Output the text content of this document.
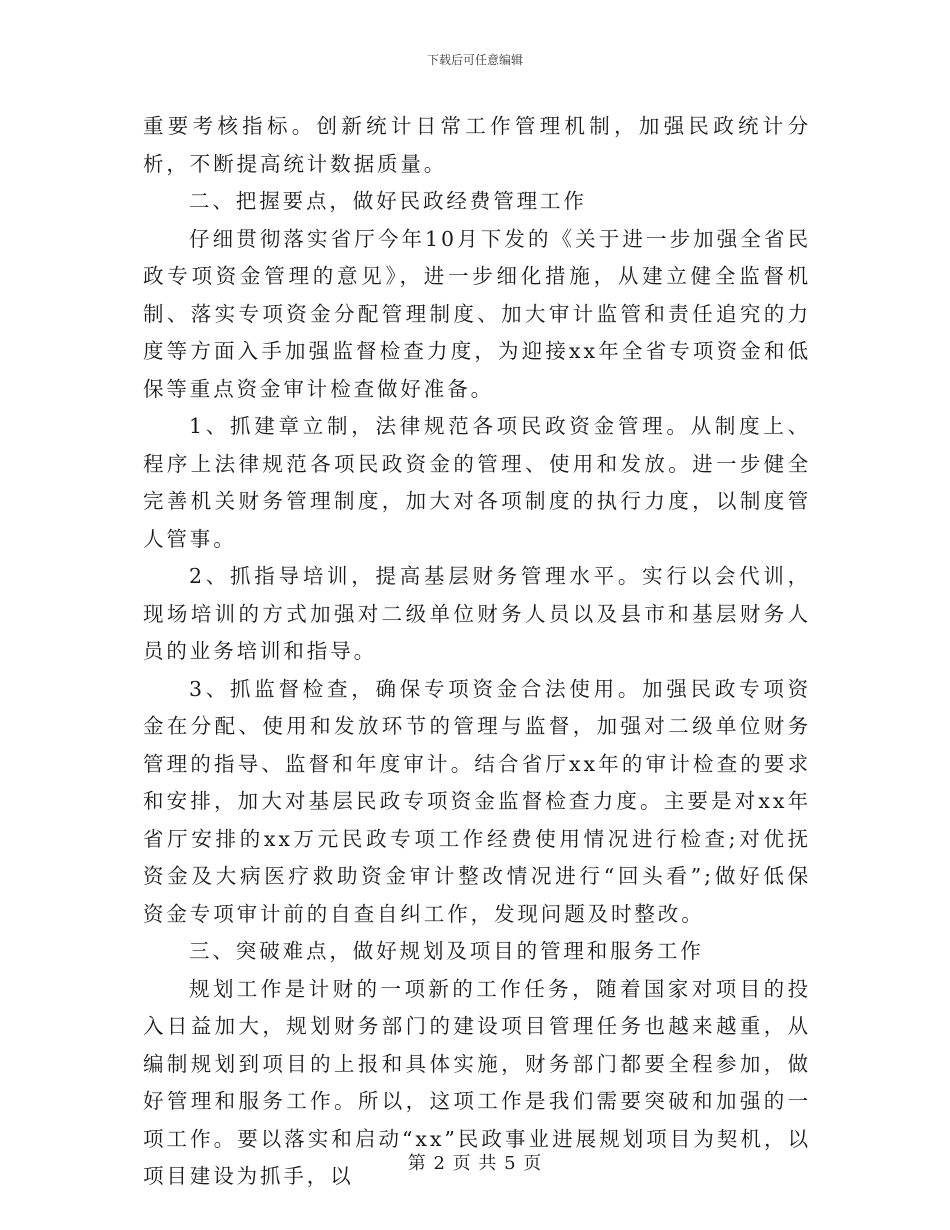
下载后可任意编辑

重要考核指标。创新统计日常工作管理机制，加强民政统计分析，不断提高统计数据质量。

二、把握要点，做好民政经费管理工作

仔细贯彻落实省厅今年10月下发的《关于进一步加强全省民政专项资金管理的意见》，进一步细化措施，从建立健全监督机制、落实专项资金分配管理制度、加大审计监管和责任追究的力度等方面入手加强监督检查力度，为迎接xx年全省专项资金和低保等重点资金审计检查做好准备。

1、抓建章立制，法律规范各项民政资金管理。从制度上、程序上法律规范各项民政资金的管理、使用和发放。进一步健全完善机关财务管理制度，加大对各项制度的执行力度，以制度管人管事。

2、抓指导培训，提高基层财务管理水平。实行以会代训，现场培训的方式加强对二级单位财务人员以及县市和基层财务人员的业务培训和指导。

3、抓监督检查，确保专项资金合法使用。加强民政专项资金在分配、使用和发放环节的管理与监督，加强对二级单位财务管理的指导、监督和年度审计。结合省厅xx年的审计检查的要求和安排，加大对基层民政专项资金监督检查力度。主要是对xx年省厅安排的xx万元民政专项工作经费使用情况进行检查;对优抚资金及大病医疗救助资金审计整改情况进行“回头看”;做好低保资金专项审计前的自查自纠工作，发现问题及时整改。

三、突破难点，做好规划及项目的管理和服务工作

规划工作是计财的一项新的工作任务，随着国家对项目的投入日益加大，规划财务部门的建设项目管理任务也越来越重，从编制规划到项目的上报和具体实施，财务部门都要全程参加，做好管理和服务工作。所以，这项工作是我们需要突破和加强的一项工作。要以落实和启动“xx”民政事业进展规划项目为契机，以项目建设为抓手，以

第 2 页 共 5 页
